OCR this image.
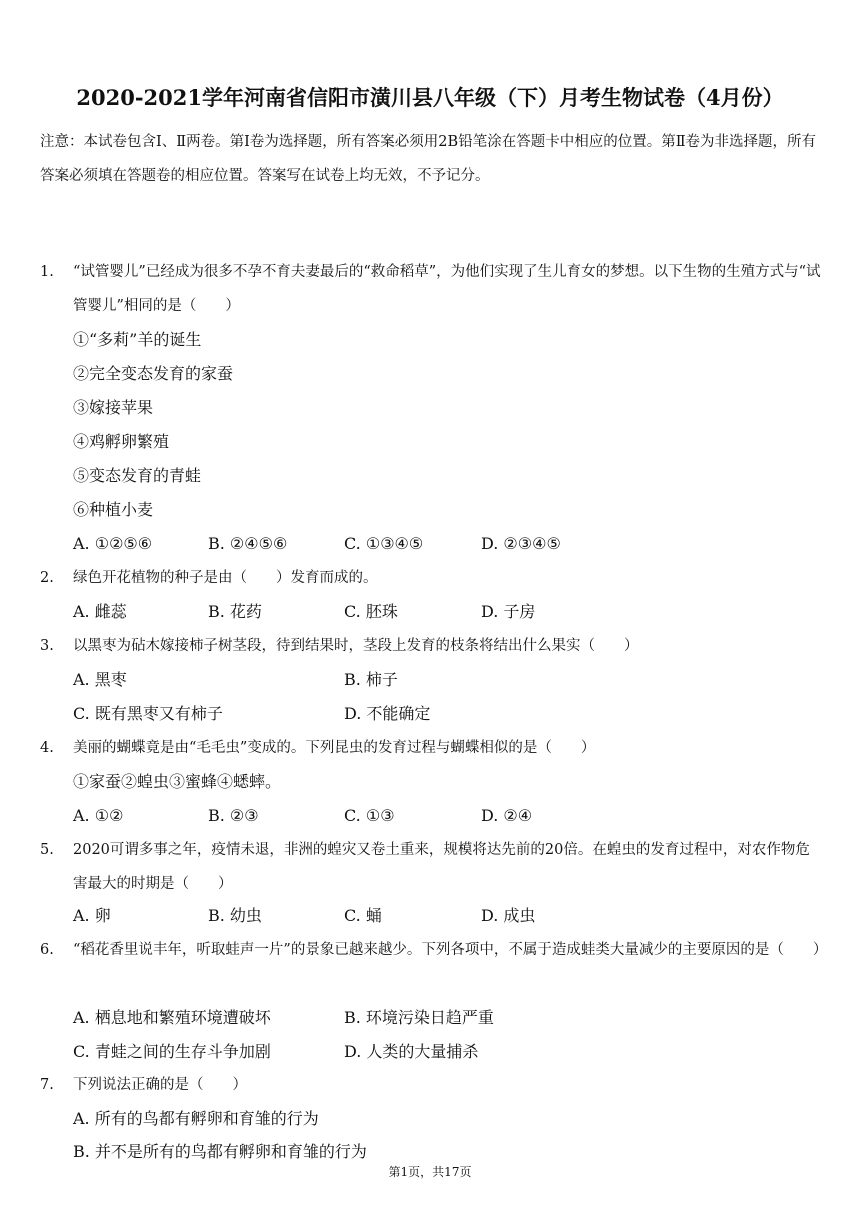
2020-2021学年河南省信阳市潢川县八年级（下）月考生物试卷（4月份）
注意：本试卷包含Ⅰ、Ⅱ两卷。第Ⅰ卷为选择题，所有答案必须用2B铅笔涂在答题卡中相应的位置。第Ⅱ卷为非选择题，所有答案必须填在答题卷的相应位置。答案写在试卷上均无效，不予记分。
1. “试管婴儿”已经成为很多不孕不育夫妻最后的“救命稻草”，为他们实现了生儿育女的梦想。以下生物的生殖方式与“试管婴儿”相同的是（　　）
①“多莉”羊的诞生
②完全变态发育的家蚕
③嫁接苹果
④鸡孵卵繁殖
⑤变态发育的青蛙
⑥种植小麦
A. ①②⑤⑥	B. ②④⑤⑥	C. ①③④⑤	D. ②③④⑤
2. 绿色开花植物的种子是由（　　）发育而成的。
A. 雌蕊	B. 花药	C. 胚珠	D. 子房
3. 以黑枣为砧木嫁接柿子树茎段，待到结果时，茎段上发育的枝条将结出什么果实（　　）
A. 黑枣	B. 柿子
C. 既有黑枣又有柿子	D. 不能确定
4. 美丽的蝴蝶竟是由“毛毛虫”变成的。下列昆虫的发育过程与蝴蝶相似的是（　　）
①家蚕②蝗虫③蜜蜂④蟋蟀。
A. ①②	B. ②③	C. ①③	D. ②④
5. 2020可谓多事之年，疫情未退，非洲的蝗灾又卷土重来，规模将达先前的20倍。在蝗虫的发育过程中，对农作物危害最大的时期是（　　）
A. 卵	B. 幼虫	C. 蛹	D. 成虫
6. “稻花香里说丰年，听取蛙声一片”的景象已越来越少。下列各项中，不属于造成蛙类大量减少的主要原因的是（　　）
A. 栖息地和繁殖环境遭破坏	B. 环境污染日趋严重
C. 青蛙之间的生存斗争加剧	D. 人类的大量捕杀
7. 下列说法正确的是（　　）
A. 所有的鸟都有孵卵和育雏的行为
B. 并不是所有的鸟都有孵卵和育雏的行为
第1页，共17页
